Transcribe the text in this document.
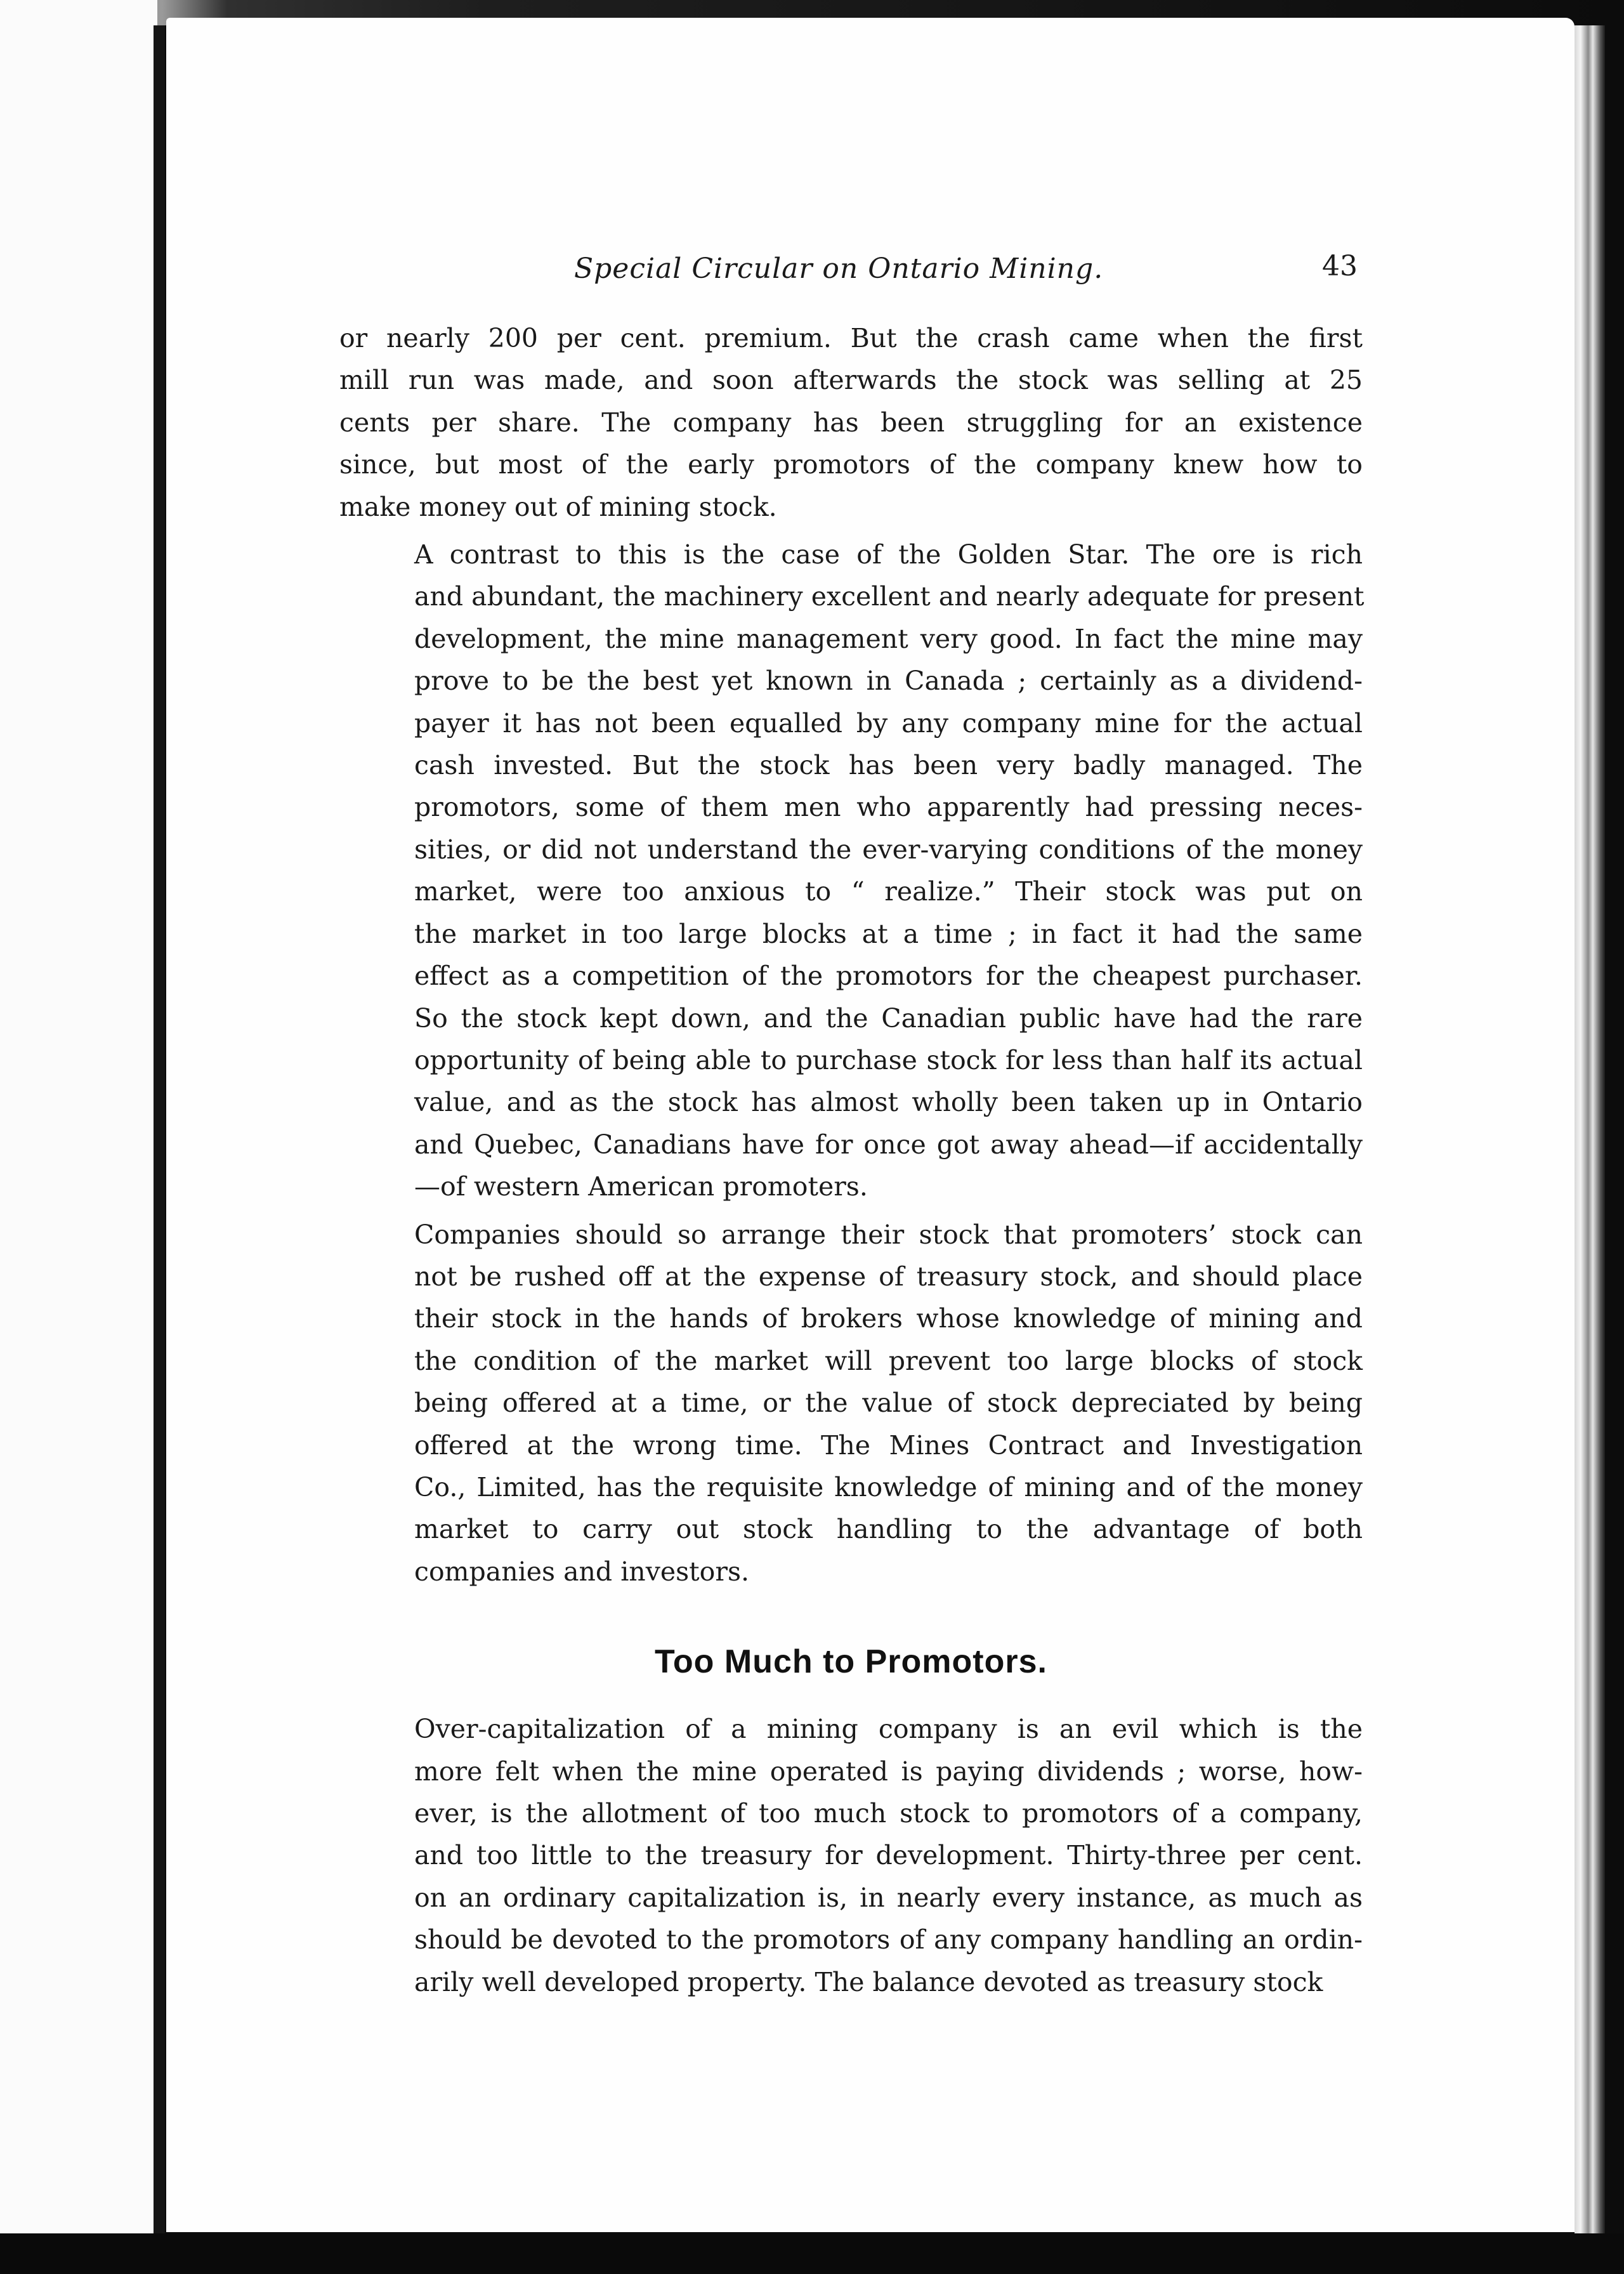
Special Circular on Ontario Mining.	43
or nearly 200 per cent. premium. But the crash came when the first
mill run was made, and soon afterwards the stock was selling at 25
cents per share. The company has been struggling for an existence
since, but most of the early promotors of the company knew how to
make money out of mining stock.
A contrast to this is the case of the Golden Star. The ore is rich
and abundant, the machinery excellent and nearly adequate for present
development, the mine management very good. In fact the mine may
prove to be the best yet known in Canada ; certainly as a dividend-
payer it has not been equalled by any company mine for the actual
cash invested. But the stock has been very badly managed. The
promotors, some of them men who apparently had pressing neces-
sities, or did not understand the ever-varying conditions of the money
market, were too anxious to “ realize.” Their stock was put on
the market in too large blocks at a time ; in fact it had the same
effect as a competition of the promotors for the cheapest purchaser.
So the stock kept down, and the Canadian public have had the rare
opportunity of being able to purchase stock for less than half its actual
value, and as the stock has almost wholly been taken up in Ontario
and Quebec, Canadians have for once got away ahead—if accidentally
—of western American promoters.
Companies should so arrange their stock that promoters’ stock can
not be rushed off at the expense of treasury stock, and should place
their stock in the hands of brokers whose knowledge of mining and
the condition of the market will prevent too large blocks of stock
being offered at a time, or the value of stock depreciated by being
offered at the wrong time. The Mines Contract and Investigation
Co., Limited, has the requisite knowledge of mining and of the money
market to carry out stock handling to the advantage of both
companies and investors.
Too Much to Promotors.
Over-capitalization of a mining company is an evil which is the
more felt when the mine operated is paying dividends ; worse, how-
ever, is the allotment of too much stock to promotors of a company,
and too little to the treasury for development. Thirty-three per cent.
on an ordinary capitalization is, in nearly every instance, as much as
should be devoted to the promotors of any company handling an ordin-
arily well developed property. The balance devoted as treasury stock
